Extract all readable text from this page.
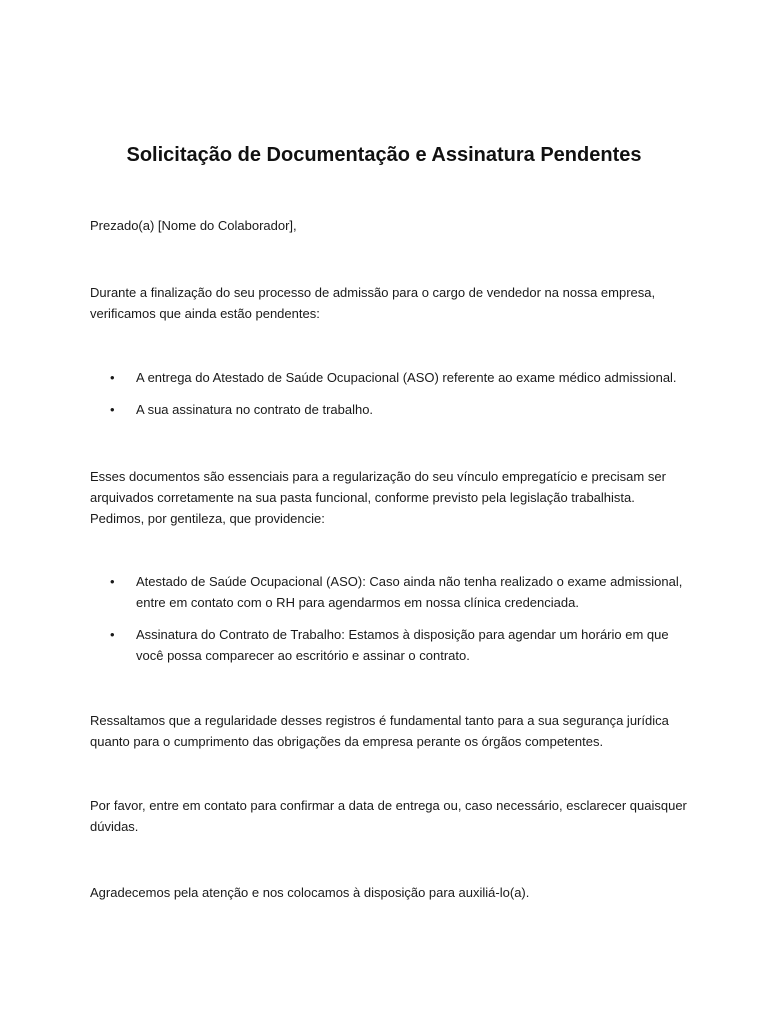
Solicitação de Documentação e Assinatura Pendentes

Prezado(a) [Nome do Colaborador],

Durante a finalização do seu processo de admissão para o cargo de vendedor na nossa empresa, verificamos que ainda estão pendentes:

• A entrega do Atestado de Saúde Ocupacional (ASO) referente ao exame médico admissional.
• A sua assinatura no contrato de trabalho.

Esses documentos são essenciais para a regularização do seu vínculo empregatício e precisam ser arquivados corretamente na sua pasta funcional, conforme previsto pela legislação trabalhista. Pedimos, por gentileza, que providencie:

• Atestado de Saúde Ocupacional (ASO): Caso ainda não tenha realizado o exame admissional, entre em contato com o RH para agendarmos em nossa clínica credenciada.
• Assinatura do Contrato de Trabalho: Estamos à disposição para agendar um horário em que você possa comparecer ao escritório e assinar o contrato.

Ressaltamos que a regularidade desses registros é fundamental tanto para a sua segurança jurídica quanto para o cumprimento das obrigações da empresa perante os órgãos competentes.

Por favor, entre em contato para confirmar a data de entrega ou, caso necessário, esclarecer quaisquer dúvidas.

Agradecemos pela atenção e nos colocamos à disposição para auxiliá-lo(a).
